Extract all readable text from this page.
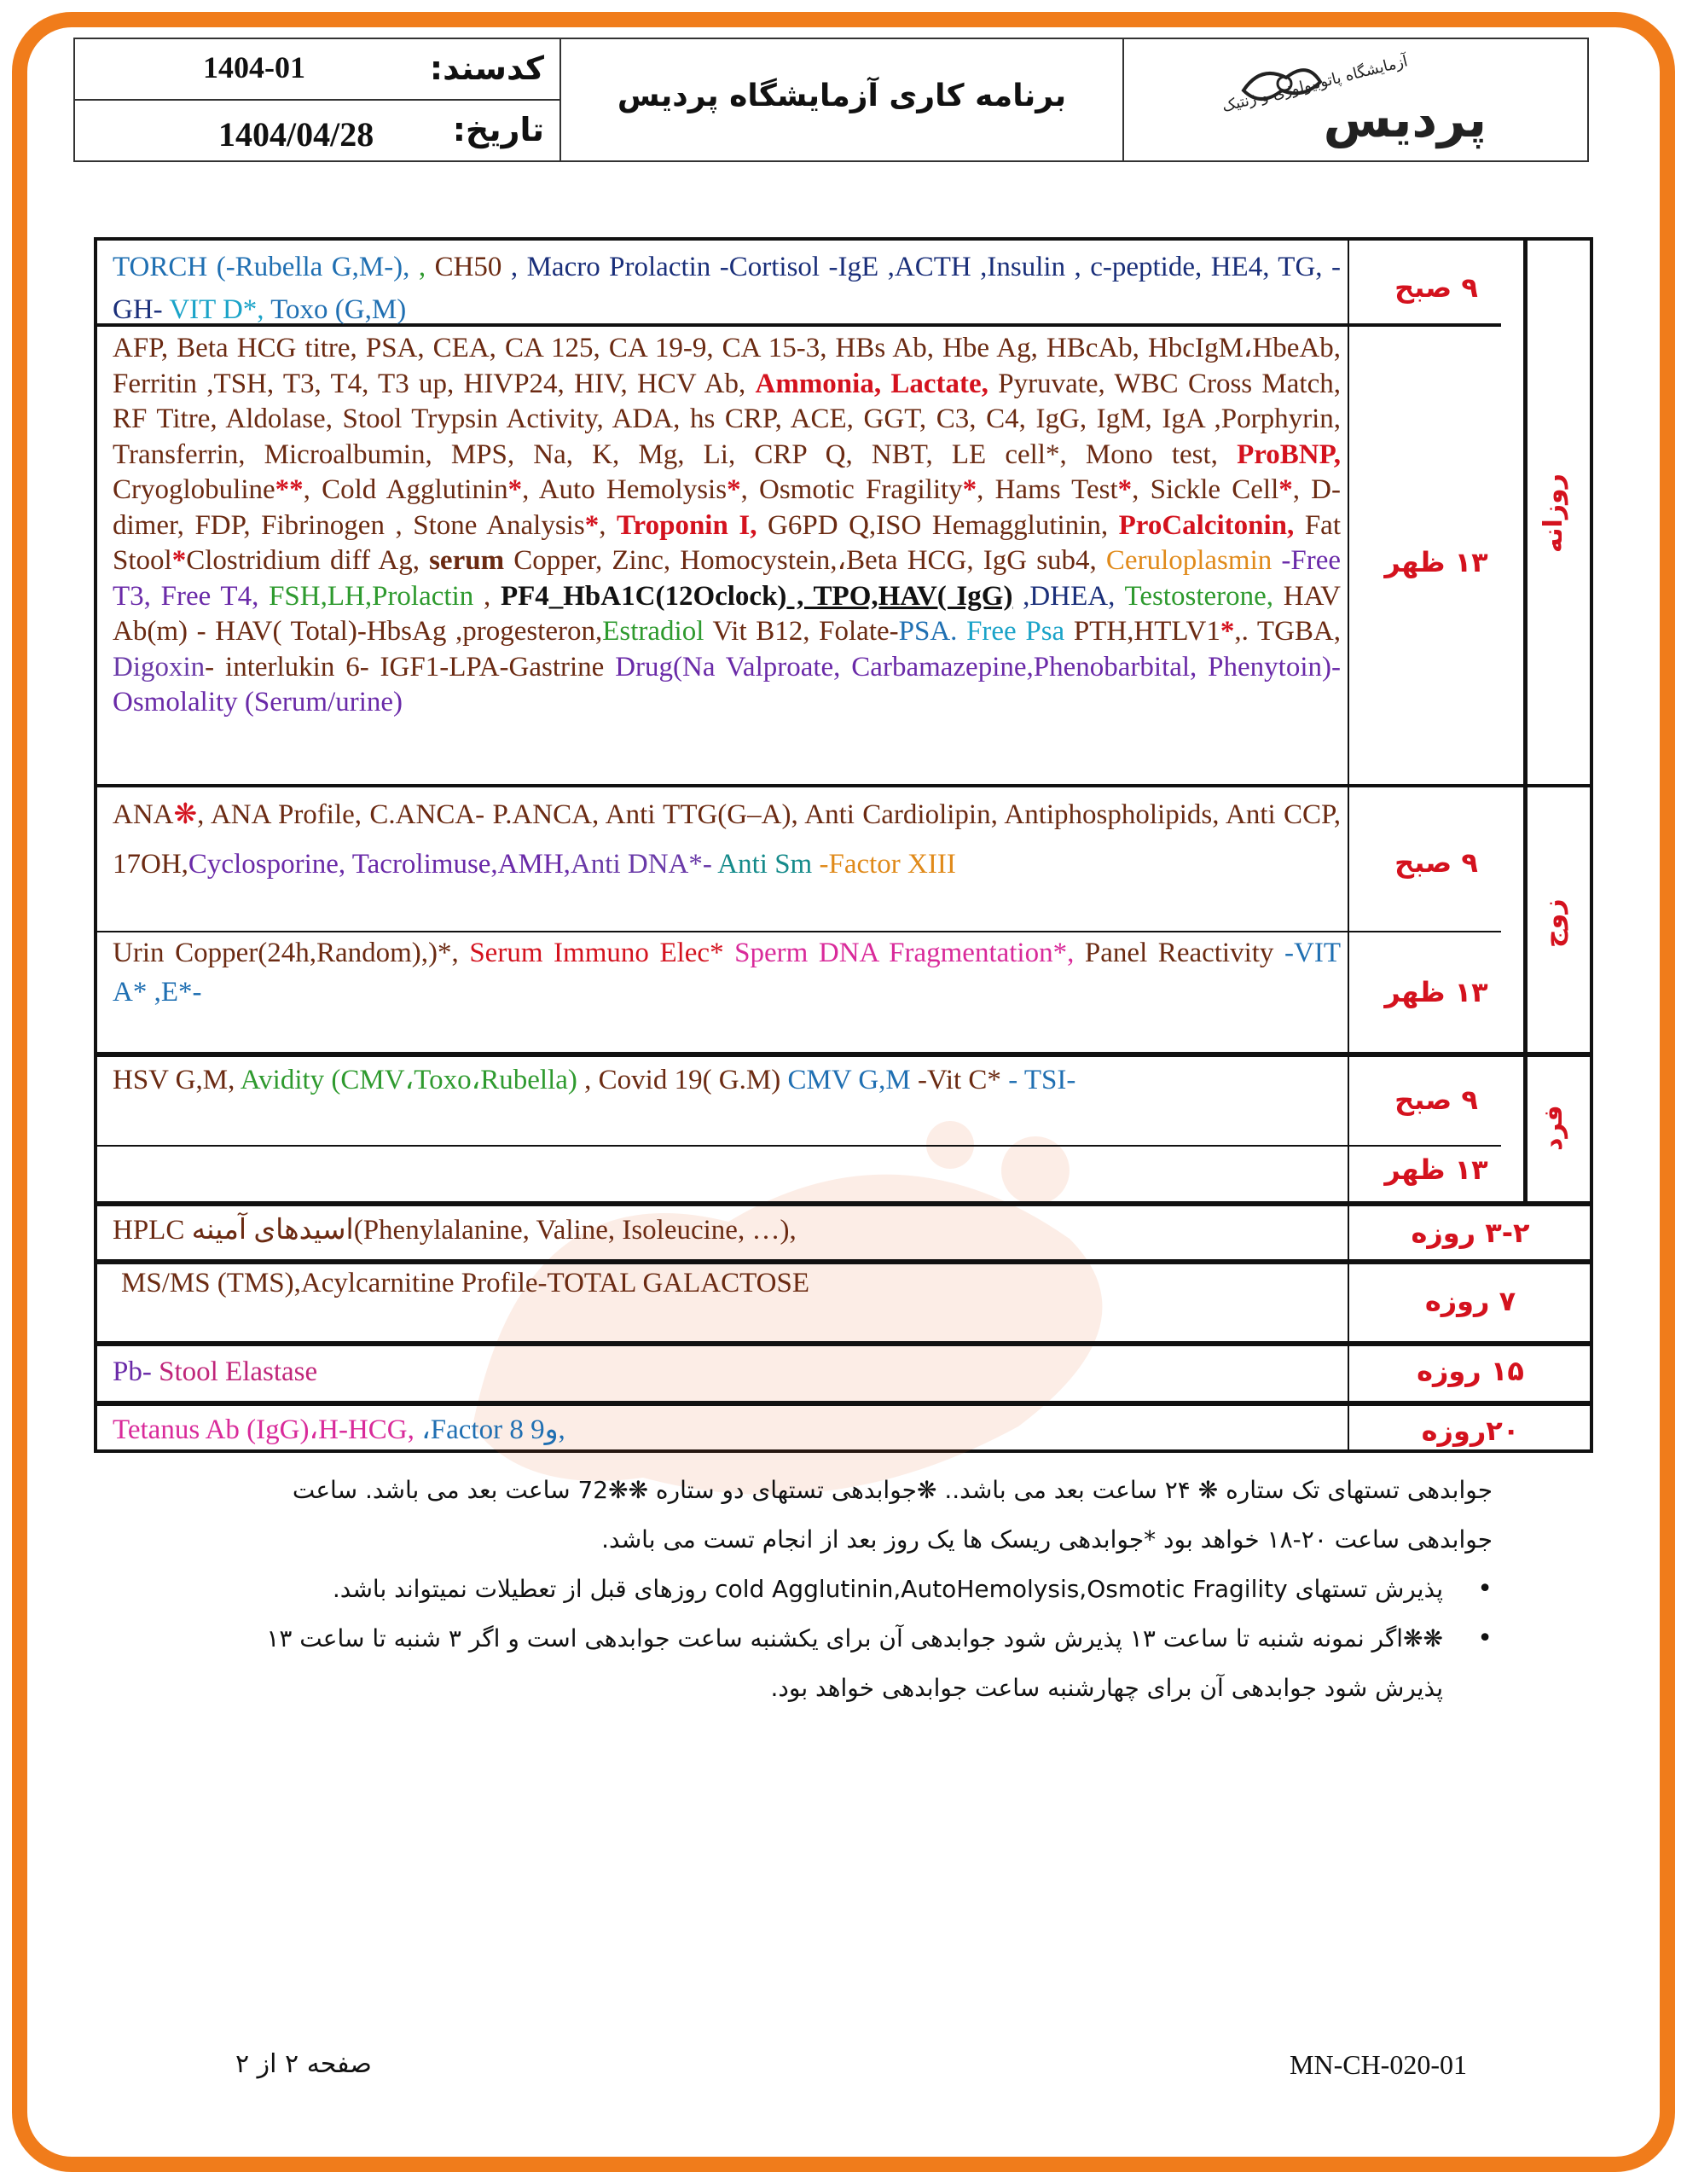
1404-01	کدسند:
1404/04/28 تاریخ:
برنامه کاری آزمایشگاه پردیس	آزمایشگاه پاتوبیولوژی و ژنتیک
پردیس
روزانه
زوج
فرد
۹ صبح
۱۳ ظهر
۹ صبح
۱۳ ظهر
۹ صبح
۱۳ ظهر
۳-۲ روزه
۷ روزه
۱۵ روزه
۲۰روزه
TORCH (-Rubella G,M-), , CH50 , Macro Prolactin -Cortisol -IgE ,ACTH ,Insulin , c-peptide, HE4, TG, -GH- VIT D*, Toxo (G,M)
AFP, Beta HCG titre, PSA, CEA, CA 125, CA 19-9, CA 15-3, HBs Ab, Hbe Ag, HBcAb, HbcIgM،HbeAb, Ferritin ,TSH, T3, T4, T3 up, HIVP24, HIV, HCV Ab, Ammonia, Lactate, Pyruvate, WBC Cross Match, RF Titre, Aldolase, Stool Trypsin Activity, ADA, hs CRP, ACE, GGT, C3, C4, IgG, IgM, IgA ,Porphyrin, Transferrin, Microalbumin, MPS, Na, K, Mg, Li, CRP Q, NBT, LE cell*, Mono test, ProBNP, Cryoglobuline**, Cold Agglutinin*, Auto Hemolysis*, Osmotic Fragility*, Hams Test*, Sickle Cell*, D-dimer, FDP, Fibrinogen , Stone Analysis*, Troponin I, G6PD Q,ISO Hemagglutinin, ProCalcitonin, Fat Stool*Clostridium diff Ag, serum Copper, Zinc, Homocystein,،Beta HCG, IgG sub4, Ceruloplasmin -Free T3, Free T4, FSH,LH,Prolactin , PF4_HbA1C(12Oclock) , TPO,HAV( IgG) ,DHEA, Testosterone, HAV Ab(m) - HAV( Total)-HbsAg ,progesteron,Estradiol Vit B12, Folate-PSA. Free Psa PTH,HTLV1*,. TGBA, Digoxin- interlukin 6- IGF1-LPA-Gastrine Drug(Na Valproate, Carbamazepine,Phenobarbital, Phenytoin)-Osmolality (Serum/urine)
ANA❋, ANA Profile, C.ANCA- P.ANCA, Anti TTG(G–A), Anti Cardiolipin, Antiphospholipids, Anti CCP, 17OH,Cyclosporine, Tacrolimuse,AMH,Anti DNA*- Anti Sm -Factor XIII
Urin Copper(24h,Random),)*, Serum Immuno Elec* Sperm DNA Fragmentation*, Panel Reactivity -VIT A* ,E*-
HSV G,M, Avidity (CMV،Toxo،Rubella) , Covid 19( G.M) CMV G,M -Vit C* - TSI-
HPLC اسیدهای آمینه(Phenylalanine, Valine, Isoleucine, …),
MS/MS (TMS),Acylcarnitine Profile-TOTAL GALACTOSE
Pb- Stool Elastase
Tetanus Ab (IgG)،H-HCG, ،Factor 8 و9,
جوابدهی تستهای تک ستاره ❋ ۲۴ ساعت بعد می باشد.. ❋جوابدهی تستهای دو ستاره ❋❋72 ساعت بعد می باشد. ساعت جوابدهی ساعت ۲۰-۱۸ خواهد بود *جوابدهی ریسک ها یک روز بعد از انجام تست می باشد.
• پذیرش تستهای cold Agglutinin,AutoHemolysis,Osmotic Fragility روزهای قبل از تعطیلات نمیتواند باشد.
• ❋❋اگر نمونه شنبه تا ساعت ۱۳ پذیرش شود جوابدهی آن برای یکشنبه ساعت جوابدهی است و اگر ۳ شنبه تا ساعت ۱۳ پذیرش شود جوابدهی آن برای چهارشنبه ساعت جوابدهی خواهد بود.
MN-CH-020-01
صفحه ۲ از ۲
